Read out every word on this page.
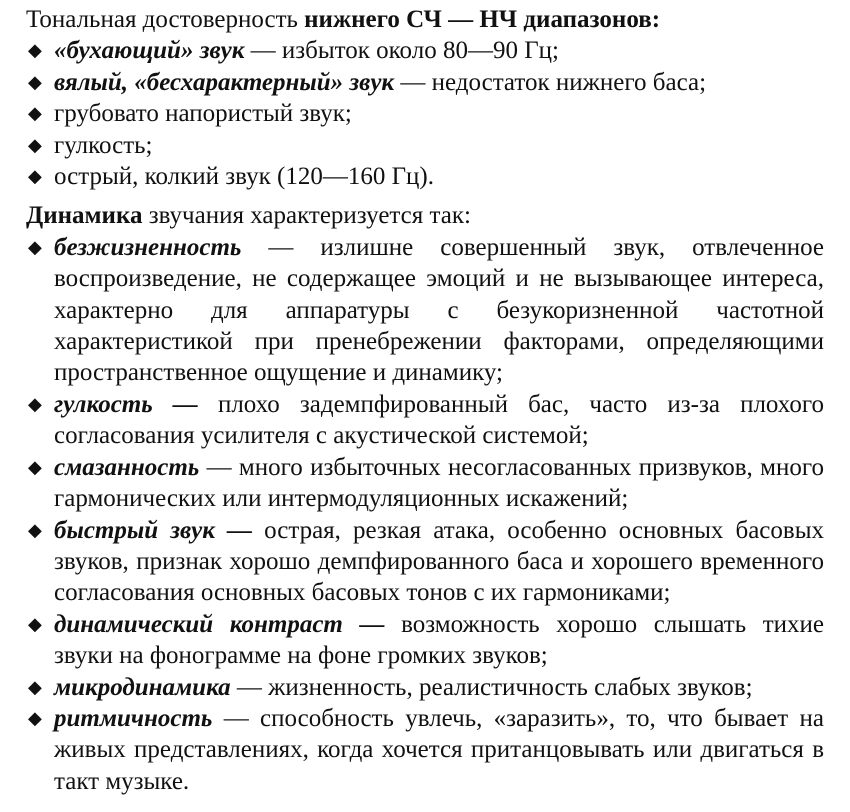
Тональная достоверность нижнего СЧ — НЧ диапазонов:

◆ «бухающий» звук — избыток около 80—90 Гц;
◆ вялый, «бесхарактерный» звук — недостаток нижнего баса;
◆ грубовато напористый звук;
◆ гулкость;
◆ острый, колкий звук (120—160 Гц).

Динамика звучания характеризуется так:

◆ безжизненность — излишне совершенный звук, отвлеченное воспроизведение, не содержащее эмоций и не вызывающее интереса, характерно для аппаратуры с безукоризненной частотной характеристикой при пренебрежении факторами, определяющими пространственное ощущение и динамику;
◆ гулкость — плохо задемпфированный бас, часто из-за плохого согласования усилителя с акустической системой;
◆ смазанность — много избыточных несогласованных призвуков, много гармонических или интермодуляционных искажений;
◆ быстрый звук — острая, резкая атака, особенно основных басовых звуков, признак хорошо демпфированного баса и хорошего временного согласования основных басовых тонов с их гармониками;
◆ динамический контраст — возможность хорошо слышать тихие звуки на фонограмме на фоне громких звуков;
◆ микродинамика — жизненность, реалистичность слабых звуков;
◆ ритмичность — способность увлечь, «заразить», то, что бывает на живых представлениях, когда хочется пританцовывать или двигаться в такт музыке.
